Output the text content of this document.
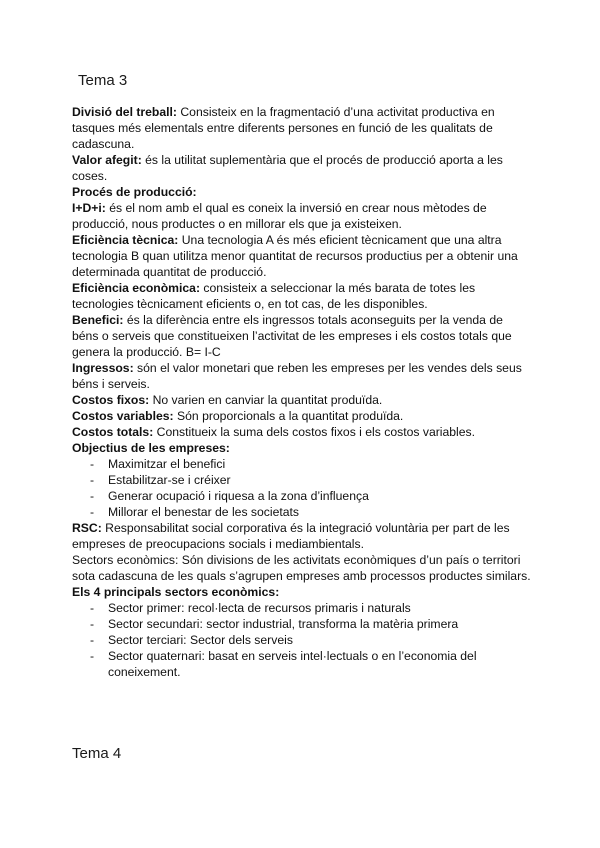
Tema 3

Divisió del treball: Consisteix en la fragmentació d’una activitat productiva en tasques més elementals entre diferents persones en funció de les qualitats de cadascuna.

Valor afegit: és la utilitat suplementària que el procés de producció aporta a les coses.

Procés de producció:

I+D+i: és el nom amb el qual es coneix la inversió en crear nous mètodes de producció, nous productes o en millorar els que ja existeixen.

Eficiència tècnica: Una tecnologia A és més eficient tècnicament que una altra tecnologia B quan utilitza menor quantitat de recursos productius per a obtenir una determinada quantitat de producció.

Eficiència econòmica: consisteix a seleccionar la més barata de totes les tecnologies tècnicament eficients o, en tot cas, de les disponibles.

Benefici: és la diferència entre els ingressos totals aconseguits per la venda de béns o serveis que constitueixen l’activitat de les empreses i els costos totals que genera la producció. B= I-C

Ingressos: són el valor monetari que reben les empreses per les vendes dels seus béns i serveis.

Costos fixos: No varien en canviar la quantitat produïda.

Costos variables: Són proporcionals a la quantitat produïda.

Costos totals: Constitueix la suma dels costos fixos i els costos variables.

Objectius de les empreses:

- Maximitzar el benefici
- Estabilitzar-se i créixer
- Generar ocupació i riquesa a la zona d’influença
- Millorar el benestar de les societats

RSC: Responsabilitat social corporativa és la integració voluntària per part de les empreses de preocupacions socials i mediambientals.

Sectors econòmics: Són divisions de les activitats econòmiques d’un país o territori sota cadascuna de les quals s’agrupen empreses amb processos productes similars.

Els 4 principals sectors econòmics:

- Sector primer: recol·lecta de recursos primaris i naturals
- Sector secundari: sector industrial, transforma la matèria primera
- Sector terciari: Sector dels serveis
- Sector quaternari: basat en serveis intel·lectuals o en l’economia del coneixement.
Tema 4
